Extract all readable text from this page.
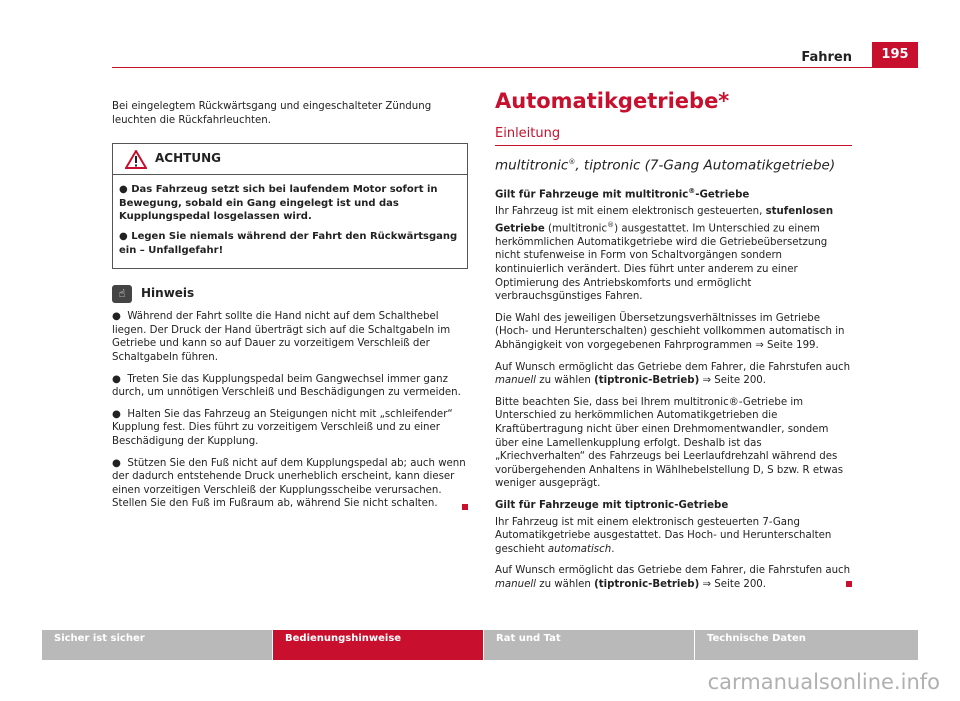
Fahren	195

Bei eingelegtem Rückwärtsgang und eingeschalteter Zündung leuchten die Rückfahrleuchten.

ACHTUNG

● Das Fahrzeug setzt sich bei laufendem Motor sofort in Bewegung, sobald ein Gang eingelegt ist und das Kupplungspedal losgelassen wird.

● Legen Sie niemals während der Fahrt den Rückwärtsgang ein – Unfallgefahr!

☝	Hinweis

●  Während der Fahrt sollte die Hand nicht auf dem Schalthebel liegen. Der Druck der Hand überträgt sich auf die Schaltgabeln im Getriebe und kann so auf Dauer zu vorzeitigem Verschleiß der Schaltgabeln führen.

●  Treten Sie das Kupplungspedal beim Gangwechsel immer ganz durch, um unnötigen Verschleiß und Beschädigungen zu vermeiden.

●  Halten Sie das Fahrzeug an Steigungen nicht mit „schleifender“ Kupplung fest. Dies führt zu vorzeitigem Verschleiß und zu einer Beschädigung der Kupplung.

●  Stützen Sie den Fuß nicht auf dem Kupplungspedal ab; auch wenn der dadurch entstehende Druck unerheblich erscheint, kann dieser einen vorzeitigen Verschleiß der Kupplungsscheibe verursachen. Stellen Sie den Fuß im Fußraum ab, während Sie nicht schalten.

Automatikgetriebe*
Einleitung
multitronic®, tiptronic (7-Gang Automatikgetriebe)
Gilt für Fahrzeuge mit multitronic®-Getriebe

Ihr Fahrzeug ist mit einem elektronisch gesteuerten, stufenlosen Getriebe (multitronic®) ausgestattet. Im Unterschied zu einem herkömmlichen Automatikgetriebe wird die Getriebeübersetzung nicht stufenweise in Form von Schaltvorgängen sondern kontinuierlich verändert. Dies führt unter anderem zu einer Optimierung des Antriebskomforts und ermöglicht verbrauchsgünstiges Fahren.

Die Wahl des jeweiligen Übersetzungsverhältnisses im Getriebe (Hoch- und Herunterschalten) geschieht vollkommen automatisch in Abhängigkeit von vorgegebenen Fahrprogrammen ⇒ Seite 199.

Auf Wunsch ermöglicht das Getriebe dem Fahrer, die Fahrstufen auch manuell zu wählen (tiptronic-Betrieb) ⇒ Seite 200.

Bitte beachten Sie, dass bei Ihrem multitronic®-Getriebe im Unterschied zu herkömmlichen Automatikgetrieben die Kraftübertragung nicht über einen Drehmomentwandler, sondem über eine Lamellenkupplung erfolgt. Deshalb ist das „Kriechverhalten“ des Fahrzeugs bei Leerlaufdrehzahl während des vorübergehenden Anhaltens in Wählhebelstellung D, S bzw. R etwas weniger ausgeprägt.

Gilt für Fahrzeuge mit tiptronic-Getriebe

Ihr Fahrzeug ist mit einem elektronisch gesteuerten 7-Gang Automatikgetriebe ausgestattet. Das Hoch- und Herunterschalten geschieht automatisch.

Auf Wunsch ermöglicht das Getriebe dem Fahrer, die Fahrstufen auch manuell zu wählen (tiptronic-Betrieb) ⇒ Seite 200.

Sicher ist sicher	Bedienungshinweise	Rat und Tat	Technische Daten
carmanualsonline.info
